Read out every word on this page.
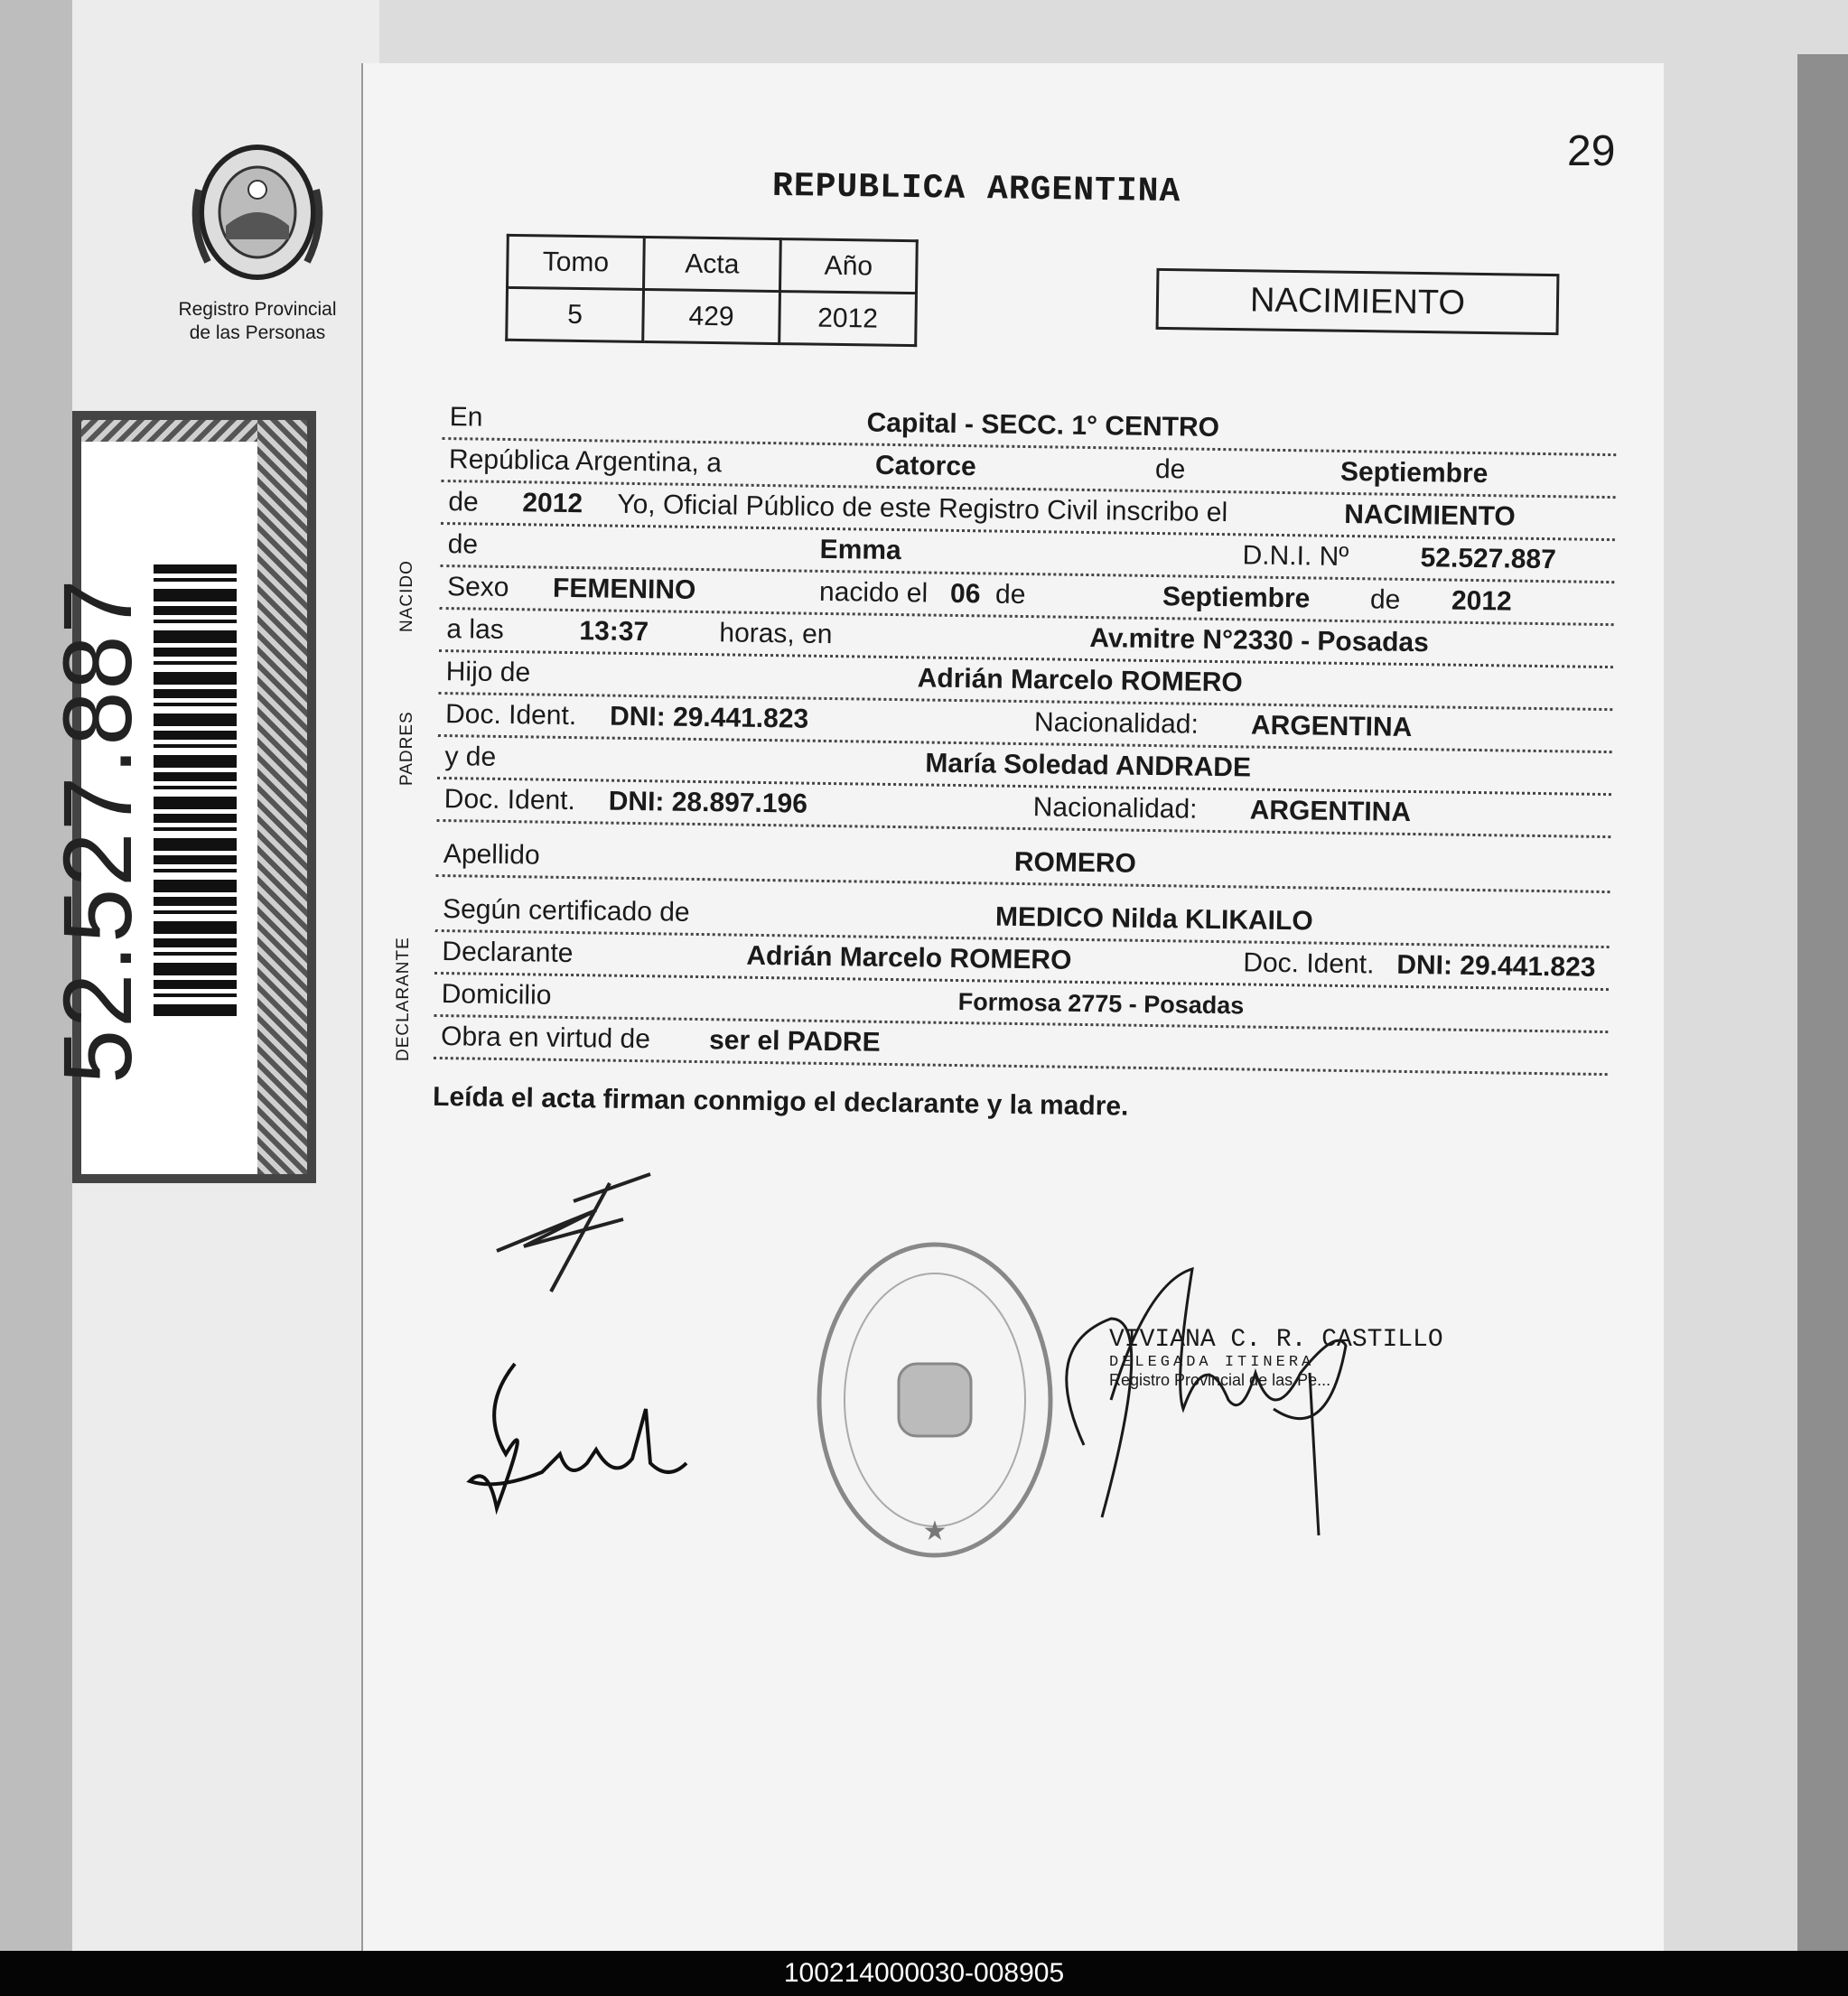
Registro Provincial
de las Personas
52.527.887
29
REPUBLICA ARGENTINA
Tomo	Acta	Año
5	429	2012	NACIMIENTO
En	Capital - SECC. 1° CENTRO
República Argentina, a	Catorce	de	Septiembre
de 2012 Yo, Oficial Público de este Registro Civil inscribo el	NACIMIENTO
de	Emma	D.N.I. Nº	52.527.887
Sexo FEMENINO	nacido el 06 de	Septiembre de 2012
a las	13:37	horas, en	Av.mitre N°2330 - Posadas
Hijo de	Adrián Marcelo ROMERO
Doc. Ident. DNI: 29.441.823	Nacionalidad: ARGENTINA
y de	María Soledad ANDRADE
Doc. Ident. DNI: 28.897.196	Nacionalidad: ARGENTINA
Apellido	ROMERO
Según certificado de	MEDICO Nilda KLIKAILO
Declarante	Adrián Marcelo ROMERO	Doc. Ident. DNI: 29.441.823
Domicilio	Formosa 2775 - Posadas
Obra en virtud de ser el PADRE
Leída el acta firman conmigo el declarante y la madre.
NACIDO
PADRES
DECLARANTE
★
VIVIANA C. R. CASTILLO
DELEGADA ITINERA
Registro Provincial de las Pe...
100214000030-008905
